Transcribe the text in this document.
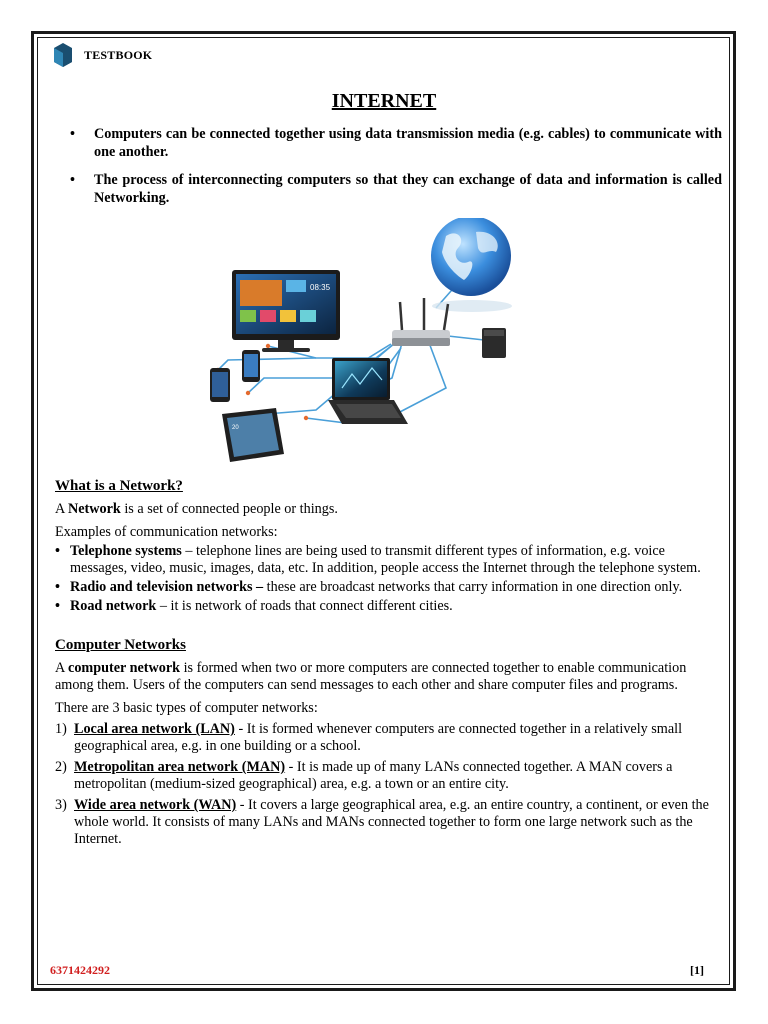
TESTBOOK
INTERNET
•	Computers can be connected together using data transmission media (e.g. cables) to communicate with one another.
•	The process of interconnecting computers so that they can exchange of data and information is called Networking.
08:35
20
What is a Network?

A Network is a set of connected people or things.

Examples of communication networks:

• Telephone systems – telephone lines are being used to transmit different types of information, e.g. voice messages, video, music, images, data, etc. In addition, people access the Internet through the telephone system.
• Radio and television networks – these are broadcast networks that carry information in one direction only.
• Road network – it is network of roads that connect different cities.
Computer Networks

A computer network is formed when two or more computers are connected together to enable communication among them. Users of the computers can send messages to each other and share computer files and programs.

There are 3 basic types of computer networks:

1) Local area network (LAN) - It is formed whenever computers are connected together in a relatively small geographical area, e.g. in one building or a school.
2) Metropolitan area network (MAN) - It is made up of many LANs connected together. A MAN covers a metropolitan (medium-sized geographical) area, e.g. a town or an entire city.
3) Wide area network (WAN) - It covers a large geographical area, e.g. an entire country, a continent, or even the whole world. It consists of many LANs and MANs connected together to form one large network such as the Internet.
6371424292	[1]
